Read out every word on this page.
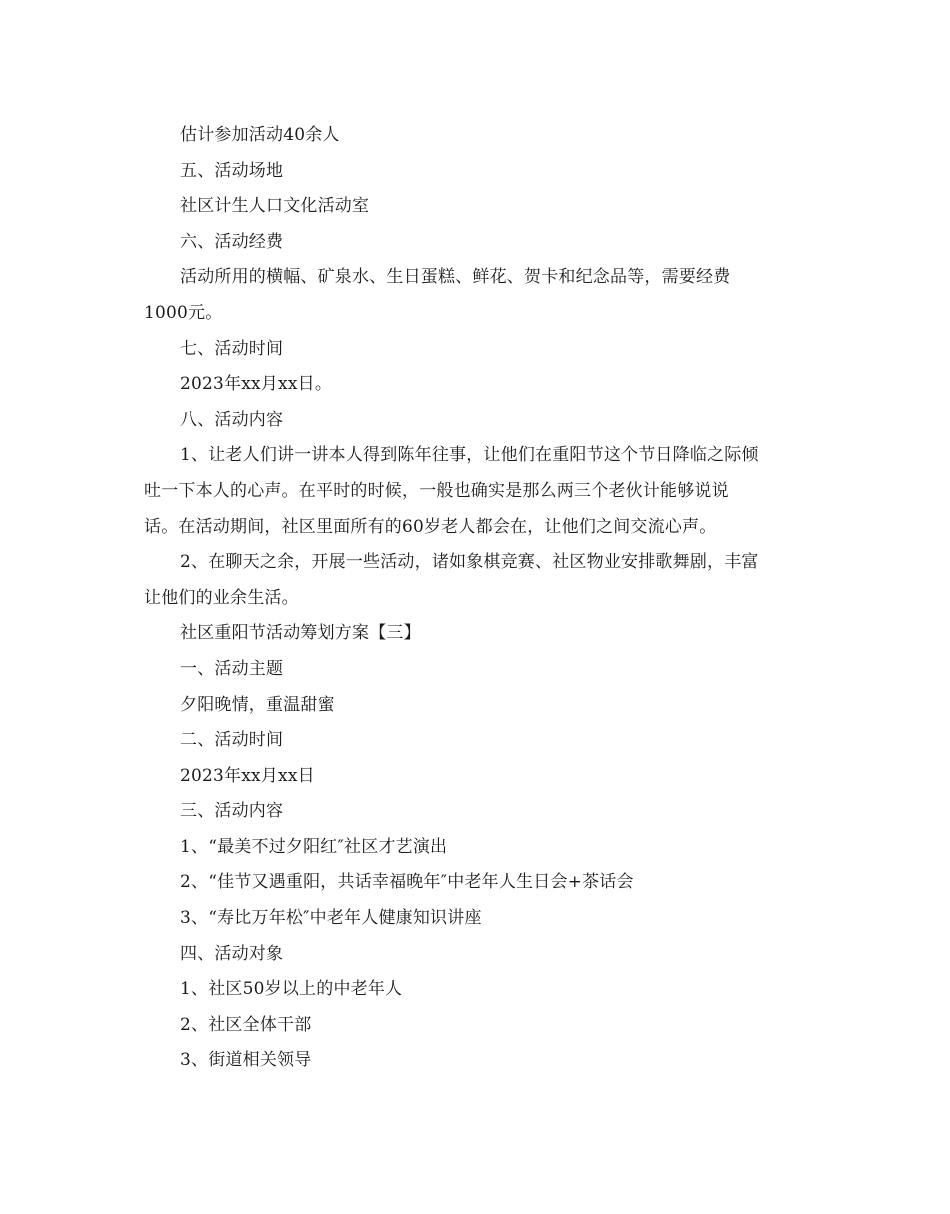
估计参加活动40余人
五、活动场地
社区计生人口文化活动室
六、活动经费
活动所用的横幅、矿泉水、生日蛋糕、鲜花、贺卡和纪念品等，需要经费
1000元。
七、活动时间
2023年xx月xx日。
八、活动内容
1、让老人们讲一讲本人得到陈年往事，让他们在重阳节这个节日降临之际倾
吐一下本人的心声。在平时的时候，一般也确实是那么两三个老伙计能够说说
话。在活动期间，社区里面所有的60岁老人都会在，让他们之间交流心声。
2、在聊天之余，开展一些活动，诸如象棋竞赛、社区物业安排歌舞剧，丰富
让他们的业余生活。
社区重阳节活动筹划方案【三】
一、活动主题
夕阳晚情，重温甜蜜
二、活动时间
2023年xx月xx日
三、活动内容
1、“最美不过夕阳红″社区才艺演出
2、“佳节又遇重阳，共话幸福晚年″中老年人生日会+茶话会
3、“寿比万年松″中老年人健康知识讲座
四、活动对象
1、社区50岁以上的中老年人
2、社区全体干部
3、街道相关领导
